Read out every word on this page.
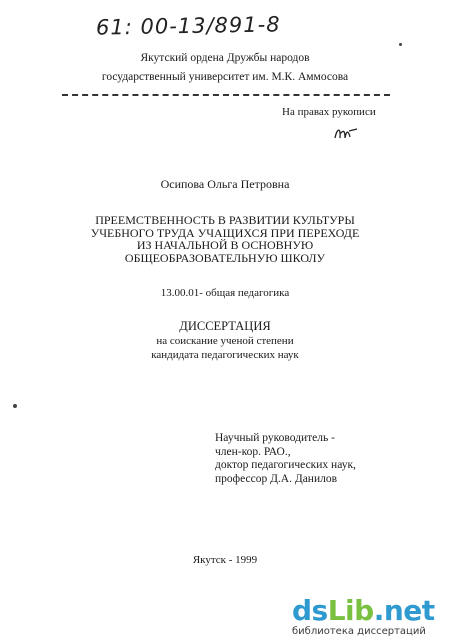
61: 00-13/891-8
Якутский ордена Дружбы народов
государственный университет им. М.К. Аммосова
На правах рукописи
Осипова Ольга Петровна
ПРЕЕМСТВЕННОСТЬ В РАЗВИТИИ КУЛЬТУРЫ
УЧЕБНОГО ТРУДА УЧАЩИХСЯ ПРИ ПЕРЕХОДЕ
ИЗ НАЧАЛЬНОЙ В ОСНОВНУЮ
ОБЩЕОБРАЗОВАТЕЛЬНУЮ ШКОЛУ
13.00.01- общая педагогика
ДИССЕРТАЦИЯ
на соискание ученой степени
кандидата педагогических наук
Научный руководитель -
член-кор. РАО.,
доктор педагогических наук,
профессор Д.А. Данилов
Якутск - 1999
dsLib.net
библиотека диссертаций
